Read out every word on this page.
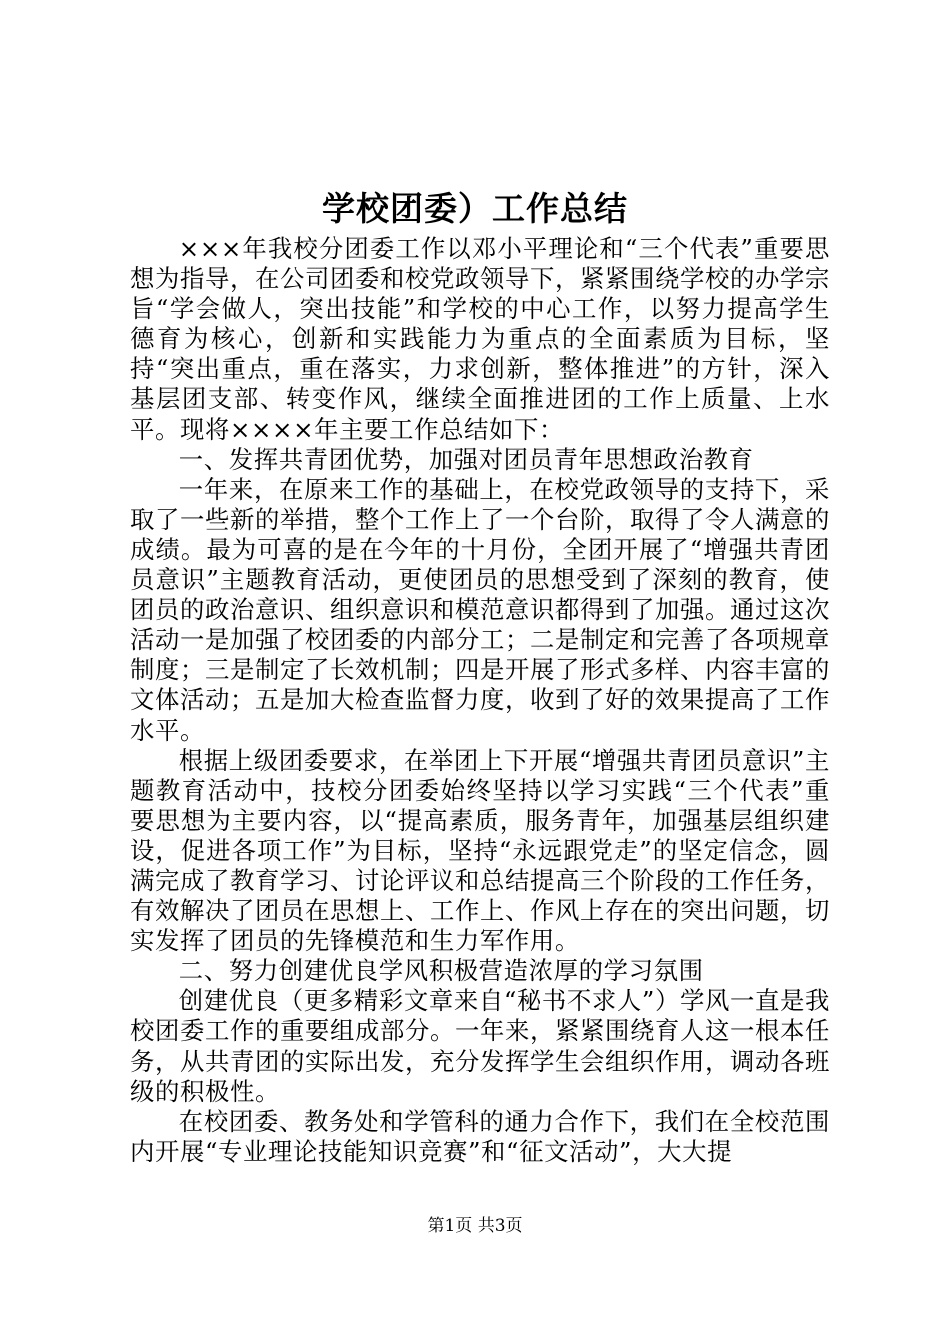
学校团委）工作总结

×××年我校分团委工作以邓小平理论和“三个代表”重要思想为指导，在公司团委和校党政领导下，紧紧围绕学校的办学宗旨“学会做人，突出技能”和学校的中心工作，以努力提高学生德育为核心，创新和实践能力为重点的全面素质为目标，坚持“突出重点，重在落实，力求创新，整体推进”的方针，深入基层团支部、转变作风，继续全面推进团的工作上质量、上水平。现将××××年主要工作总结如下：

一、发挥共青团优势，加强对团员青年思想政治教育

一年来，在原来工作的基础上，在校党政领导的支持下，采取了一些新的举措，整个工作上了一个台阶，取得了令人满意的成绩。最为可喜的是在今年的十月份，全团开展了“增强共青团员意识”主题教育活动，更使团员的思想受到了深刻的教育，使团员的政治意识、组织意识和模范意识都得到了加强。通过这次活动一是加强了校团委的内部分工；二是制定和完善了各项规章制度；三是制定了长效机制；四是开展了形式多样、内容丰富的文体活动；五是加大检查监督力度，收到了好的效果提高了工作水平。

根据上级团委要求，在举团上下开展“增强共青团员意识”主题教育活动中，技校分团委始终坚持以学习实践“三个代表”重要思想为主要内容，以“提高素质，服务青年，加强基层组织建设，促进各项工作”为目标，坚持“永远跟党走”的坚定信念，圆满完成了教育学习、讨论评议和总结提高三个阶段的工作任务，有效解决了团员在思想上、工作上、作风上存在的突出问题，切实发挥了团员的先锋模范和生力军作用。

二、努力创建优良学风积极营造浓厚的学习氛围

创建优良（更多精彩文章来自“秘书不求人”）学风一直是我校团委工作的重要组成部分。一年来，紧紧围绕育人这一根本任务，从共青团的实际出发，充分发挥学生会组织作用，调动各班级的积极性。

在校团委、教务处和学管科的通力合作下，我们在全校范围内开展“专业理论技能知识竞赛”和“征文活动”，大大提

第1页 共3页
